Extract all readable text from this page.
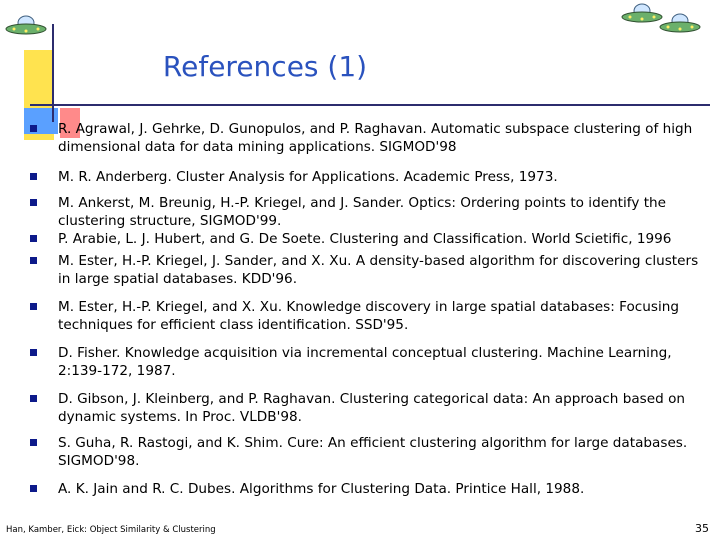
References (1)
R. Agrawal, J. Gehrke, D. Gunopulos, and P. Raghavan. Automatic subspace clustering of high dimensional data for data mining applications. SIGMOD'98
M. R. Anderberg. Cluster Analysis for Applications. Academic Press, 1973.
M. Ankerst, M. Breunig, H.-P. Kriegel, and J. Sander. Optics: Ordering points to identify the clustering structure, SIGMOD'99.
P. Arabie, L. J. Hubert, and G. De Soete. Clustering and Classification. World Scietific, 1996
M. Ester, H.-P. Kriegel, J. Sander, and X. Xu. A density-based algorithm for discovering clusters in large spatial databases. KDD'96.
M. Ester, H.-P. Kriegel, and X. Xu. Knowledge discovery in large spatial databases: Focusing techniques for efficient class identification. SSD'95.
D. Fisher. Knowledge acquisition via incremental conceptual clustering. Machine Learning, 2:139-172, 1987.
D. Gibson, J. Kleinberg, and P. Raghavan. Clustering categorical data: An approach based on dynamic systems. In Proc. VLDB'98.
S. Guha, R. Rastogi, and K. Shim. Cure: An efficient clustering algorithm for large databases. SIGMOD'98.
A. K. Jain and R. C. Dubes. Algorithms for Clustering Data. Printice Hall, 1988.
Han, Kamber, Eick: Object Similarity & Clustering	35
